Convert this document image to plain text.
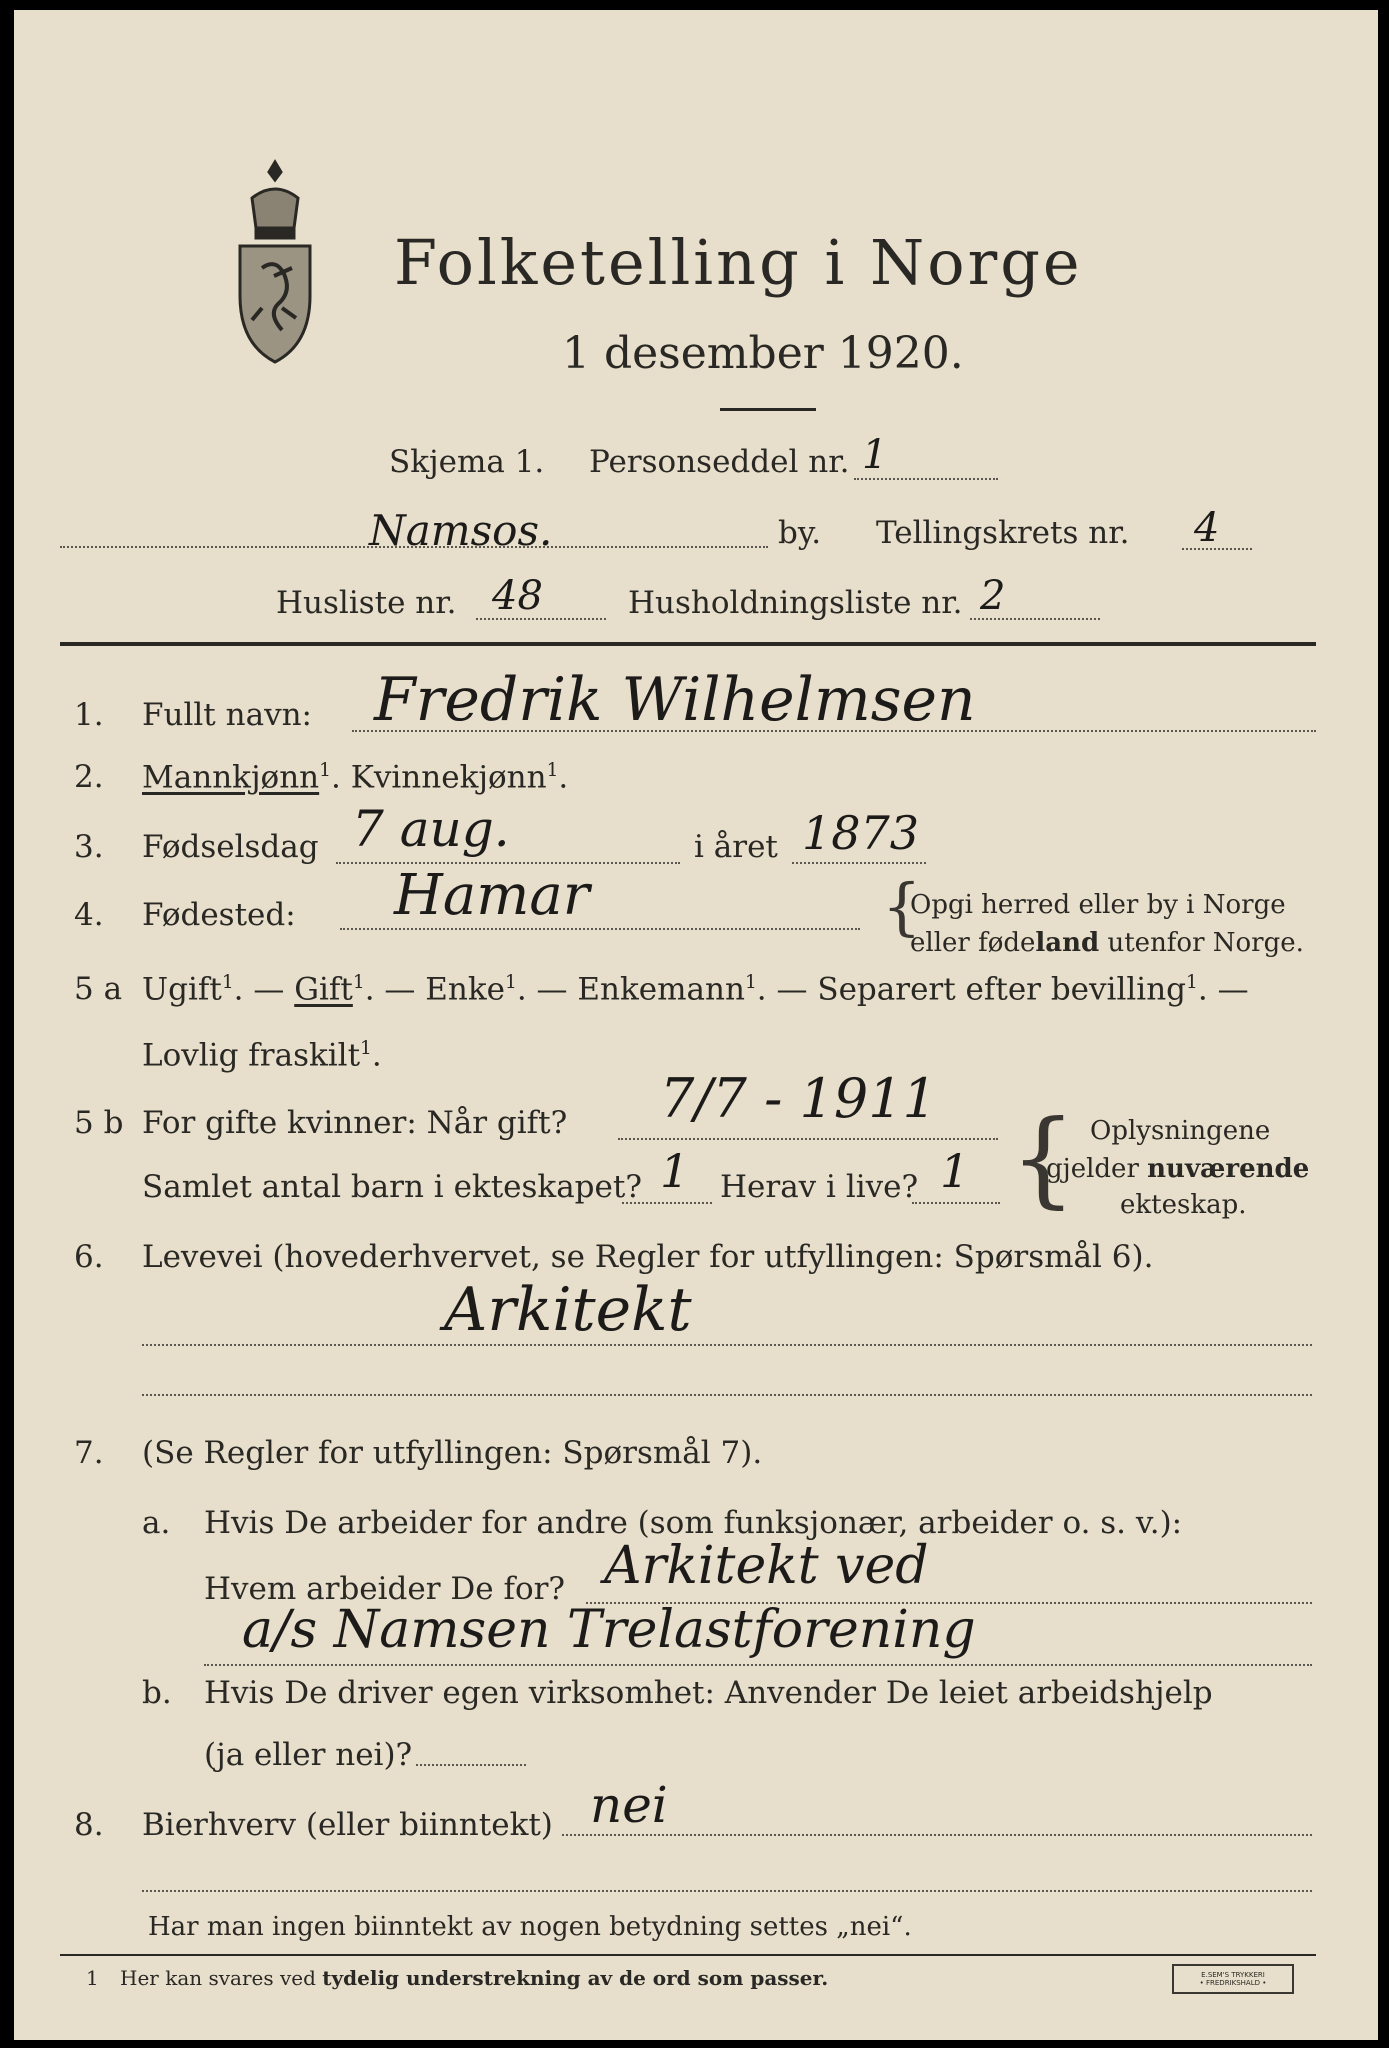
Folketelling i Norge
1 desember 1920.
Skjema 1. Personseddel nr. 1
Namsos.	by. Tellingskrets nr. 4
Husliste nr. 48	Husholdningsliste nr. 2
1. Fullt navn: Fredrik Wilhelmsen
2. Mannkjønn$^1$. Kvinnekjønn$^1$.
3. Fødselsdag 7 aug.	i året 1873
4. Fødested: Hamar	{
Opgi herred eller by i Norge
eller fødeland utenfor Norge.
5 a Ugift$^1$. — Gift$^1$. — Enke$^1$. — Enkemann$^1$. — Separert efter bevilling$^1$. —
Lovlig fraskilt$^1$.
5 b For gifte kvinner: Når gift? 7/7 - 1911
Samlet antal barn i ekteskapet? 1 Herav i live? 1 { Oplysningene
gjelder nuværende
ekteskap.
6. Levevei (hovederhvervet, se Regler for utfyllingen: Spørsmål 6).
Arkitekt
7. (Se Regler for utfyllingen: Spørsmål 7).
a. Hvis De arbeider for andre (som funksjonær, arbeider o. s. v.):
Hvem arbeider De for? Arkitekt ved
a/s Namsen Trelastforening
b. Hvis De driver egen virksomhet: Anvender De leiet arbeidshjelp
(ja eller nei)?
8. Bierhverv (eller biinntekt) nei
Har man ingen biinntekt av nogen betydning settes „nei“.
1 Her kan svares ved tydelig understrekning av de ord som passer.	E.SEM'S TRYKKERI
• FREDRIKSHALD •
